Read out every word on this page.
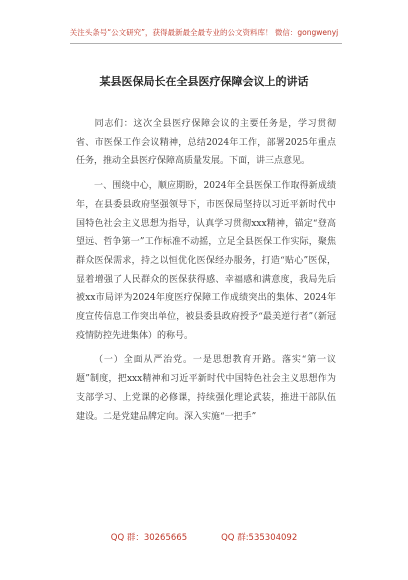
关注头条号“公文研究”，获得最新最全最专业的公文资料库！ 微信：gongwenyj
某县医保局长在全县医疗保障会议上的讲话

同志们：这次全县医疗保障会议的主要任务是，学习贯彻省、市医保工作会议精神，总结2024年工作，部署2025年重点任务，推动全县医疗保障高质量发展。下面，讲三点意见。

一、围绕中心，顺应期盼，2024年全县医保工作取得新成绩年，在县委县政府坚强领导下，市医保局坚持以习近平新时代中国特色社会主义思想为指导，认真学习贯彻xxx精神，锚定“登高望远、哲争第一”工作标准不动摇，立足全县医保工作实际，聚焦群众医保需求，持之以恒优化医保经办服务，打造“贴心”医保，显着增强了人民群众的医保获得感、幸福感和满意度，我局先后被xx市局评为2024年度医疗保障工作成绩突出的集体、2024年度宣传信息工作突出单位，被县委县政府授予“最美逆行者”（新冠疫情防控先进集体）的称号。

（一）全面从严治党。一是思想教育开路。落实“第一议题”制度，把xxx精神和习近平新时代中国特色社会主义思想作为支部学习、上党课的必修课，持续强化理论武装，推进干部队伍建设。二是党建品牌定向。深入实施“一把手”

QQ 群：30265665	QQ 群:535304092
